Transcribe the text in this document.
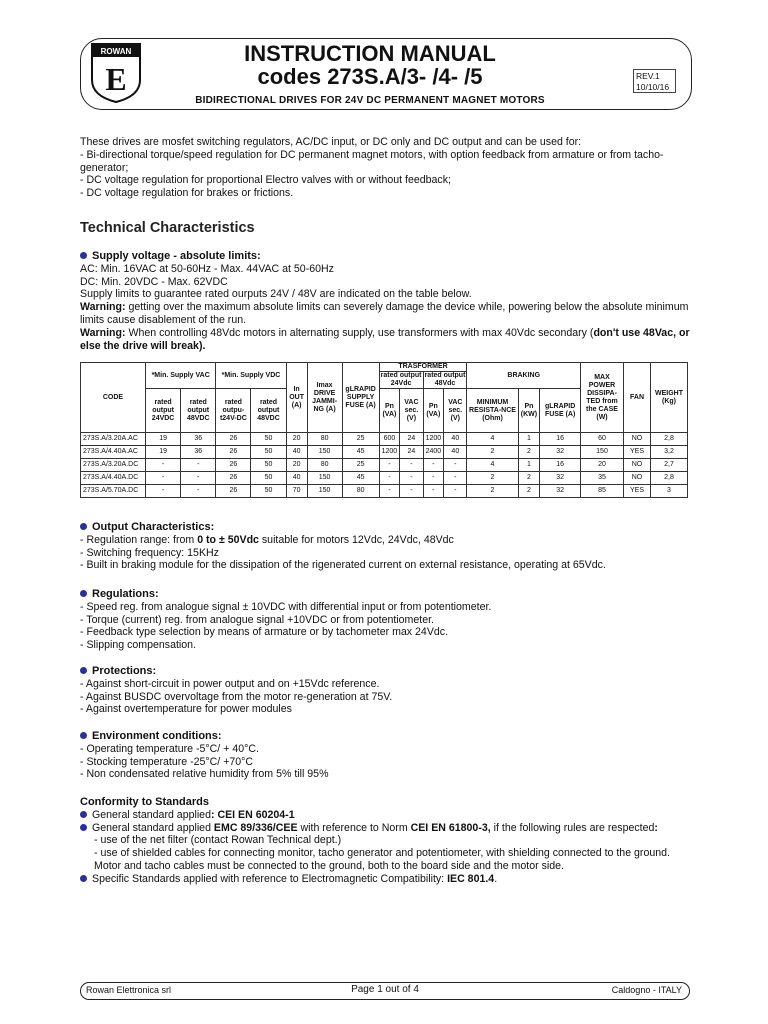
ROWAN
E
INSTRUCTION MANUAL
codes 273S.A/3- /4- /5
BIDIRECTIONAL DRIVES FOR 24V DC PERMANENT MAGNET MOTORS
REV.1
10/10/16

These drives are mosfet switching regulators, AC/DC input, or DC only and DC output and can be used for:

- Bi-directional torque/speed regulation for DC permanent magnet motors, with option feedback from armature or from tacho-generator;

- DC voltage regulation for proportional Electro valves with or without feedback;

- DC voltage regulation for brakes or frictions.

Technical Characteristics

Supply voltage - absolute limits:

AC: Min. 16VAC at 50-60Hz - Max. 44VAC at 50-60Hz

DC: Min. 20VDC - Max. 62VDC

Supply limits to guarantee rated ourputs 24V / 48V are indicated on the table below.

Warning: getting over the maximum absolute limits can severely damage the device while, powering below the absolute minimum limits cause disablement of the run.

Warning: When controlling 48Vdc motors in alternating supply, use transformers with max 40Vdc secondary (don't use 48Vac, or else the drive will break).

CODE	*Min. Supply VAC		*Min. Supply VDC		In OUT (A)	Imax DRIVE JAMMI-NG (A)	gLRAPID SUPPLY FUSE (A)	TRASFORMER				BRAKING			MAX POWER DISSIPA-TED from the CASE (W)	FAN	WEIGHT (Kg)
								rated output 24Vdc		rated output 48Vdc							
	rated output 24VDC	rated output 48VDC	rated outpu-t24V-DC	rated output 48VDC				Pn (VA)	VAC sec. (V)	Pn (VA)	VAC sec. (V)	MINIMUM RESISTA-NCE (Ohm)	Pn (KW)	gLRAPID FUSE (A)			
273S.A/3.20A.AC	19	36	26	50	20	80	25	600	24	1200	40	4	1	16	60	NO	2,8
273S.A/4.40A.AC	19	36	26	50	40	150	45	1200	24	2400	40	2	2	32	150	YES	3,2
273S.A/3.20A.DC	-	-	26	50	20	80	25	-	-	-	-	4	1	16	20	NO	2,7
273S.A/4.40A.DC	-	-	26	50	40	150	45	-	-	-	-	2	2	32	35	NO	2,8
273S.A/5.70A.DC	-	-	26	50	70	150	80	-	-	-	-	2	2	32	85	YES	3

Output Characteristics:

- Regulation range: from 0 to ± 50Vdc suitable for motors 12Vdc, 24Vdc, 48Vdc

- Switching frequency: 15KHz

- Built in braking module for the dissipation of the rigenerated current on external resistance, operating at 65Vdc.

Regulations:

- Speed reg. from analogue signal ± 10VDC with differential input or from potentiometer.

- Torque (current) reg. from analogue signal +10VDC or from potentiometer.

- Feedback type selection by means of armature or by tachometer max 24Vdc.

- Slipping compensation.

Protections:

- Against short-circuit in power output and on +15Vdc reference.

- Against BUSDC overvoltage from the motor re-generation at 75V.

- Against overtemperature for power modules

Environment conditions:

- Operating temperature -5°C/ + 40°C.

- Stocking temperature -25°C/ +70°C

- Non condensated relative humidity from 5% till 95%

Conformity to Standards

General standard applied: CEI EN 60204-1

General standard applied EMC 89/336/CEE with reference to Norm CEI EN 61800-3, if the following rules are respected:

- use of the net filter (contact Rowan Technical dept.)

- use of shielded cables for connecting monitor, tacho generator and potentiometer, with shielding connected to the ground.

Motor and tacho cables must be connected to the ground, both to the board side and the motor side.

Specific Standards applied with reference to Electromagnetic Compatibility: IEC 801.4.

Rowan Elettronica srl	Page 1 out of 4	Caldogno - ITALY
